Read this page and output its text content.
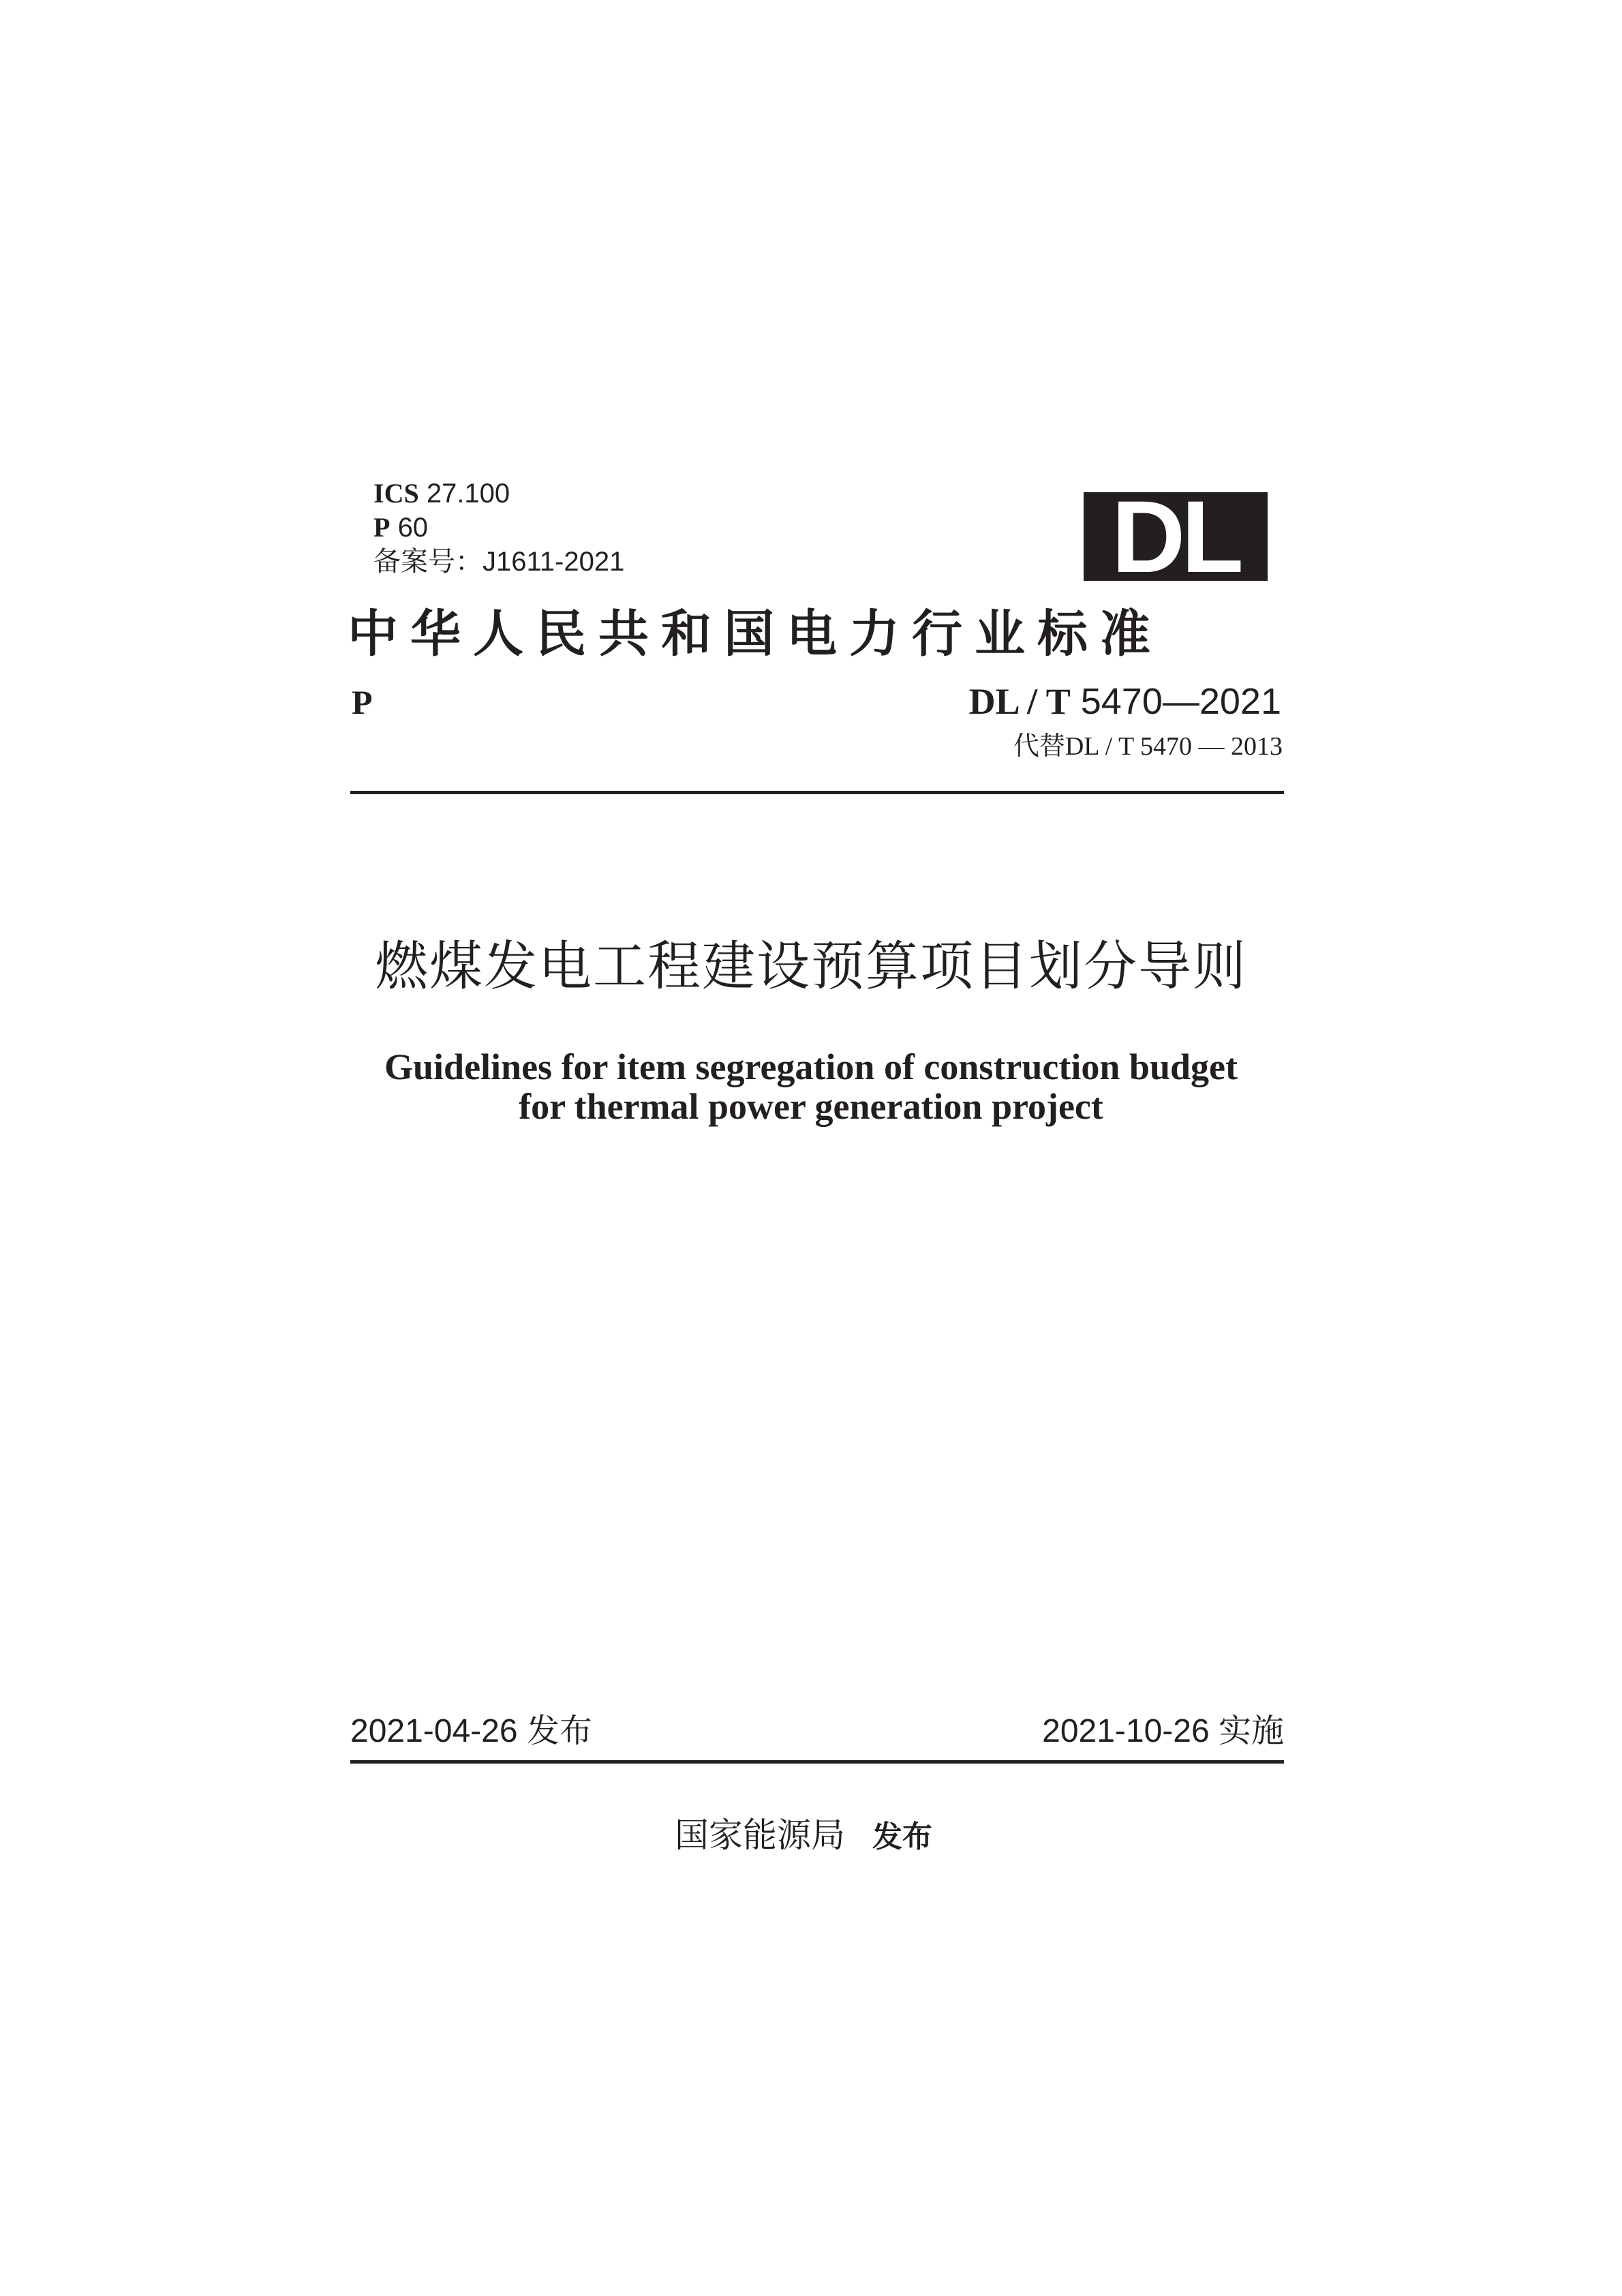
ICS 27.100
P 60
备案号：J1611-2021	DL
中华人民共和国电力行业标准
P	DL / T 5470—2021
代替DL / T 5470 — 2013
燃煤发电工程建设预算项目划分导则
Guidelines for item segregation of construction budget
for thermal power generation project
2021-04-26 发布	2021-10-26 实施
国家能源局 发布
